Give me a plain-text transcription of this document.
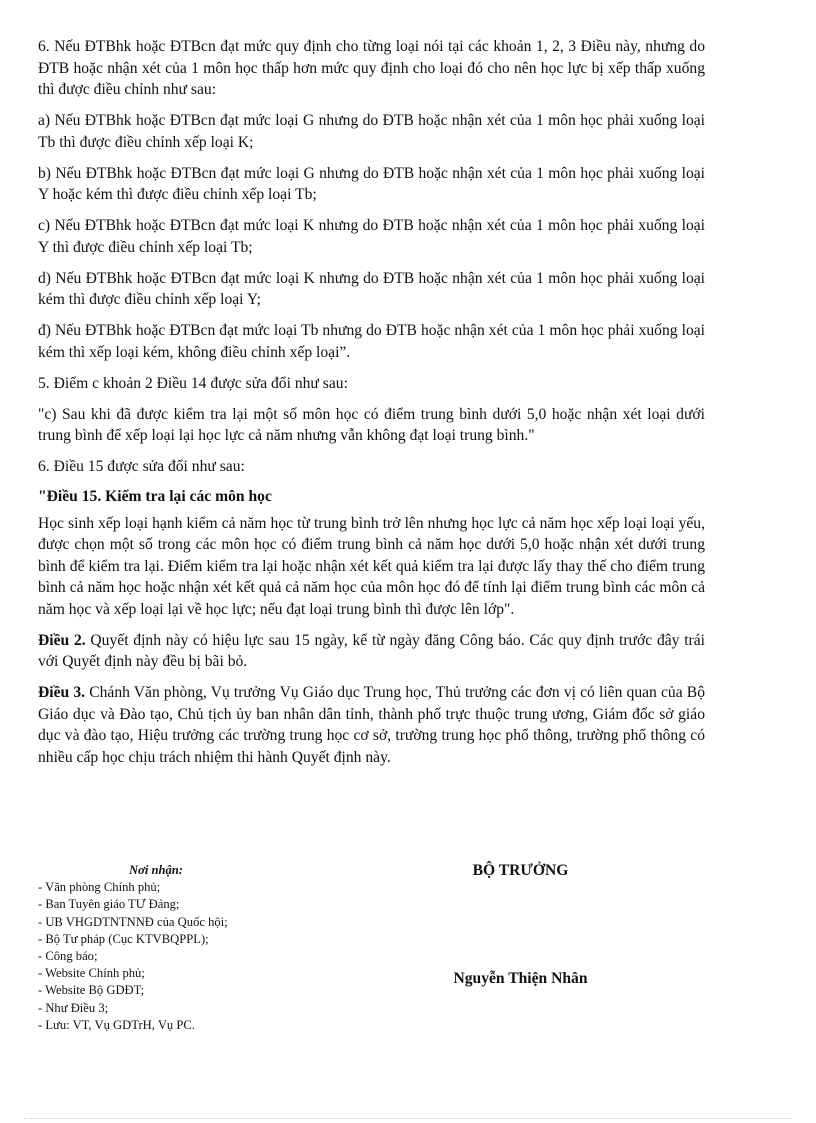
6. Nếu ĐTBhk hoặc ĐTBcn đạt mức quy định cho từng loại nói tại các khoản 1, 2, 3 Điều này, nhưng do ĐTB hoặc nhận xét của 1 môn học thấp hơn mức quy định cho loại đó cho nên học lực bị xếp thấp xuống thì được điều chỉnh như sau:

a) Nếu ĐTBhk hoặc ĐTBcn đạt mức loại G nhưng do ĐTB hoặc nhận xét của 1 môn học phải xuống loại Tb thì được điều chỉnh xếp loại K;

b) Nếu ĐTBhk hoặc ĐTBcn đạt mức loại G nhưng do ĐTB hoặc nhận xét của 1 môn học phải xuống loại Y hoặc kém thì được điều chỉnh xếp loại Tb;

c) Nếu ĐTBhk hoặc ĐTBcn đạt mức loại K nhưng do ĐTB hoặc nhận xét của 1 môn học phải xuống loại Y thì được điều chỉnh xếp loại Tb;

d) Nếu ĐTBhk hoặc ĐTBcn đạt mức loại K nhưng do ĐTB hoặc nhận xét của 1 môn học phải xuống loại kém thì được điều chỉnh xếp loại Y;

đ) Nếu ĐTBhk hoặc ĐTBcn đạt mức loại Tb nhưng do ĐTB hoặc nhận xét của 1 môn học phải xuống loại kém thì xếp loại kém, không điều chỉnh xếp loại”.

5. Điểm c khoản 2 Điều 14 được sửa đổi như sau:

"c) Sau khi đã được kiểm tra lại một số môn học có điểm trung bình dưới 5,0 hoặc nhận xét loại dưới trung bình để xếp loại lại học lực cả năm nhưng vẫn không đạt loại trung bình."

6. Điều 15 được sửa đổi như sau:

"Điều 15. Kiểm tra lại các môn học

Học sinh xếp loại hạnh kiểm cả năm học từ trung bình trở lên nhưng học lực cả năm học xếp loại loại yếu, được chọn một số trong các môn học có điểm trung bình cả năm học dưới 5,0 hoặc nhận xét dưới trung bình để kiểm tra lại. Điểm kiểm tra lại hoặc nhận xét kết quả kiểm tra lại được lấy thay thế cho điểm trung bình cả năm học hoặc nhận xét kết quả cả năm học của môn học đó để tính lại điểm trung bình các môn cả năm học và xếp loại lại về học lực; nếu đạt loại trung bình thì được lên lớp".

Điều 2. Quyết định này có hiệu lực sau 15 ngày, kể từ ngày đăng Công báo. Các quy định trước đây trái với Quyết định này đều bị bãi bỏ.

Điều 3. Chánh Văn phòng, Vụ trưởng Vụ Giáo dục Trung học, Thủ trưởng các đơn vị có liên quan của Bộ Giáo dục và Đào tạo, Chủ tịch ủy ban nhân dân tỉnh, thành phố trực thuộc trung ương, Giám đốc sở giáo dục và đào tạo, Hiệu trưởng các trường trung học cơ sở, trường trung học phổ thông, trường phổ thông có nhiều cấp học chịu trách nhiệm thi hành Quyết định này.

Nơi nhận:
- Văn phòng Chính phủ;
- Ban Tuyên giáo TƯ Đảng;
- UB VHGDTNTNNĐ của Quốc hội;
- Bộ Tư pháp (Cục KTVBQPPL);
- Công báo;
- Website Chính phủ;
- Website Bộ GDĐT;
- Như Điều 3;
- Lưu: VT, Vụ GDTrH, Vụ PC.
BỘ TRƯỞNG
Nguyễn Thiện Nhân
